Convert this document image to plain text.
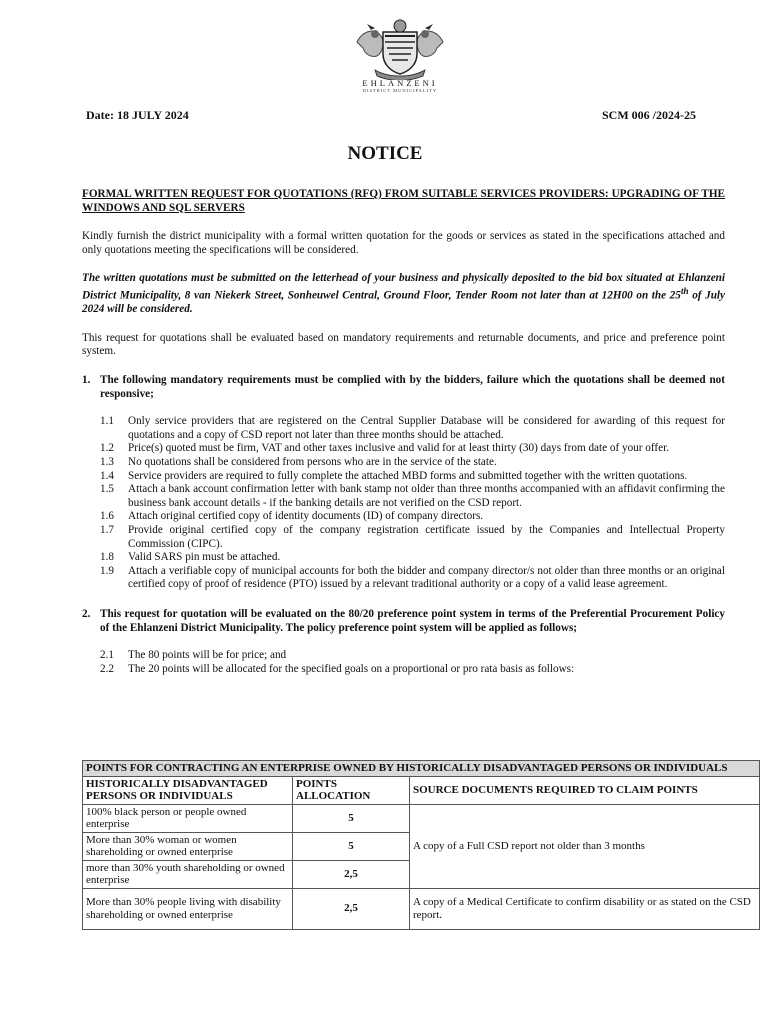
EHLANZENI
DISTRICT MUNICIPALITY
Date: 18 JULY 2024	SCM 006 /2024-25
NOTICE
FORMAL WRITTEN REQUEST FOR QUOTATIONS (RFQ) FROM SUITABLE SERVICES PROVIDERS: UPGRADING OF THE WINDOWS AND SQL SERVERS

Kindly furnish the district municipality with a formal written quotation for the goods or services as stated in the specifications attached and only quotations meeting the specifications will be considered.

The written quotations must be submitted on the letterhead of your business and physically deposited to the bid box situated at Ehlanzeni District Municipality, 8 van Niekerk Street, Sonheuwel Central, Ground Floor, Tender Room not later than at 12H00 on the 25th of July 2024 will be considered.

This request for quotations shall be evaluated based on mandatory requirements and returnable documents, and price and preference point system.

1. The following mandatory requirements must be complied with by the bidders, failure which the quotations shall be deemed not responsive;
1.1	Only service providers that are registered on the Central Supplier Database will be considered for awarding of this request for quotations and a copy of CSD report not later than three months should be attached.
1.2	Price(s) quoted must be firm, VAT and other taxes inclusive and valid for at least thirty (30) days from date of your offer.
1.3	No quotations shall be considered from persons who are in the service of the state.
1.4	Service providers are required to fully complete the attached MBD forms and submitted together with the written quotations.
1.5	Attach a bank account confirmation letter with bank stamp not older than three months accompanied with an affidavit confirming the business bank account details - if the banking details are not verified on the CSD report.
1.6	Attach original certified copy of identity documents (ID) of company directors.
1.7	Provide original certified copy of the company registration certificate issued by the Companies and Intellectual Property Commission (CIPC).
1.8	Valid SARS pin must be attached.
1.9	Attach a verifiable copy of municipal accounts for both the bidder and company director/s not older than three months or an original certified copy of proof of residence (PTO) issued by a relevant traditional authority or a copy of a valid lease agreement.
2. This request for quotation will be evaluated on the 80/20 preference point system in terms of the Preferential Procurement Policy of the Ehlanzeni District Municipality. The policy preference point system will be applied as follows;
2.1	The 80 points will be for price; and
2.2	The 20 points will be allocated for the specified goals on a proportional or pro rata basis as follows:
POINTS FOR CONTRACTING AN ENTERPRISE OWNED BY HISTORICALLY DISADVANTAGED PERSONS OR INDIVIDUALS		
HISTORICALLY DISADVANTAGED PERSONS OR INDIVIDUALS	POINTS ALLOCATION	SOURCE DOCUMENTS REQUIRED TO CLAIM POINTS
100% black person or people owned enterprise	5	A copy of a Full CSD report not older than 3 months
More than 30% woman or women shareholding or owned enterprise	5	
more than 30% youth shareholding or owned enterprise	2,5	
More than 30% people living with disability shareholding or owned enterprise	2,5	A copy of a Medical Certificate to confirm disability or as stated on the CSD report.
